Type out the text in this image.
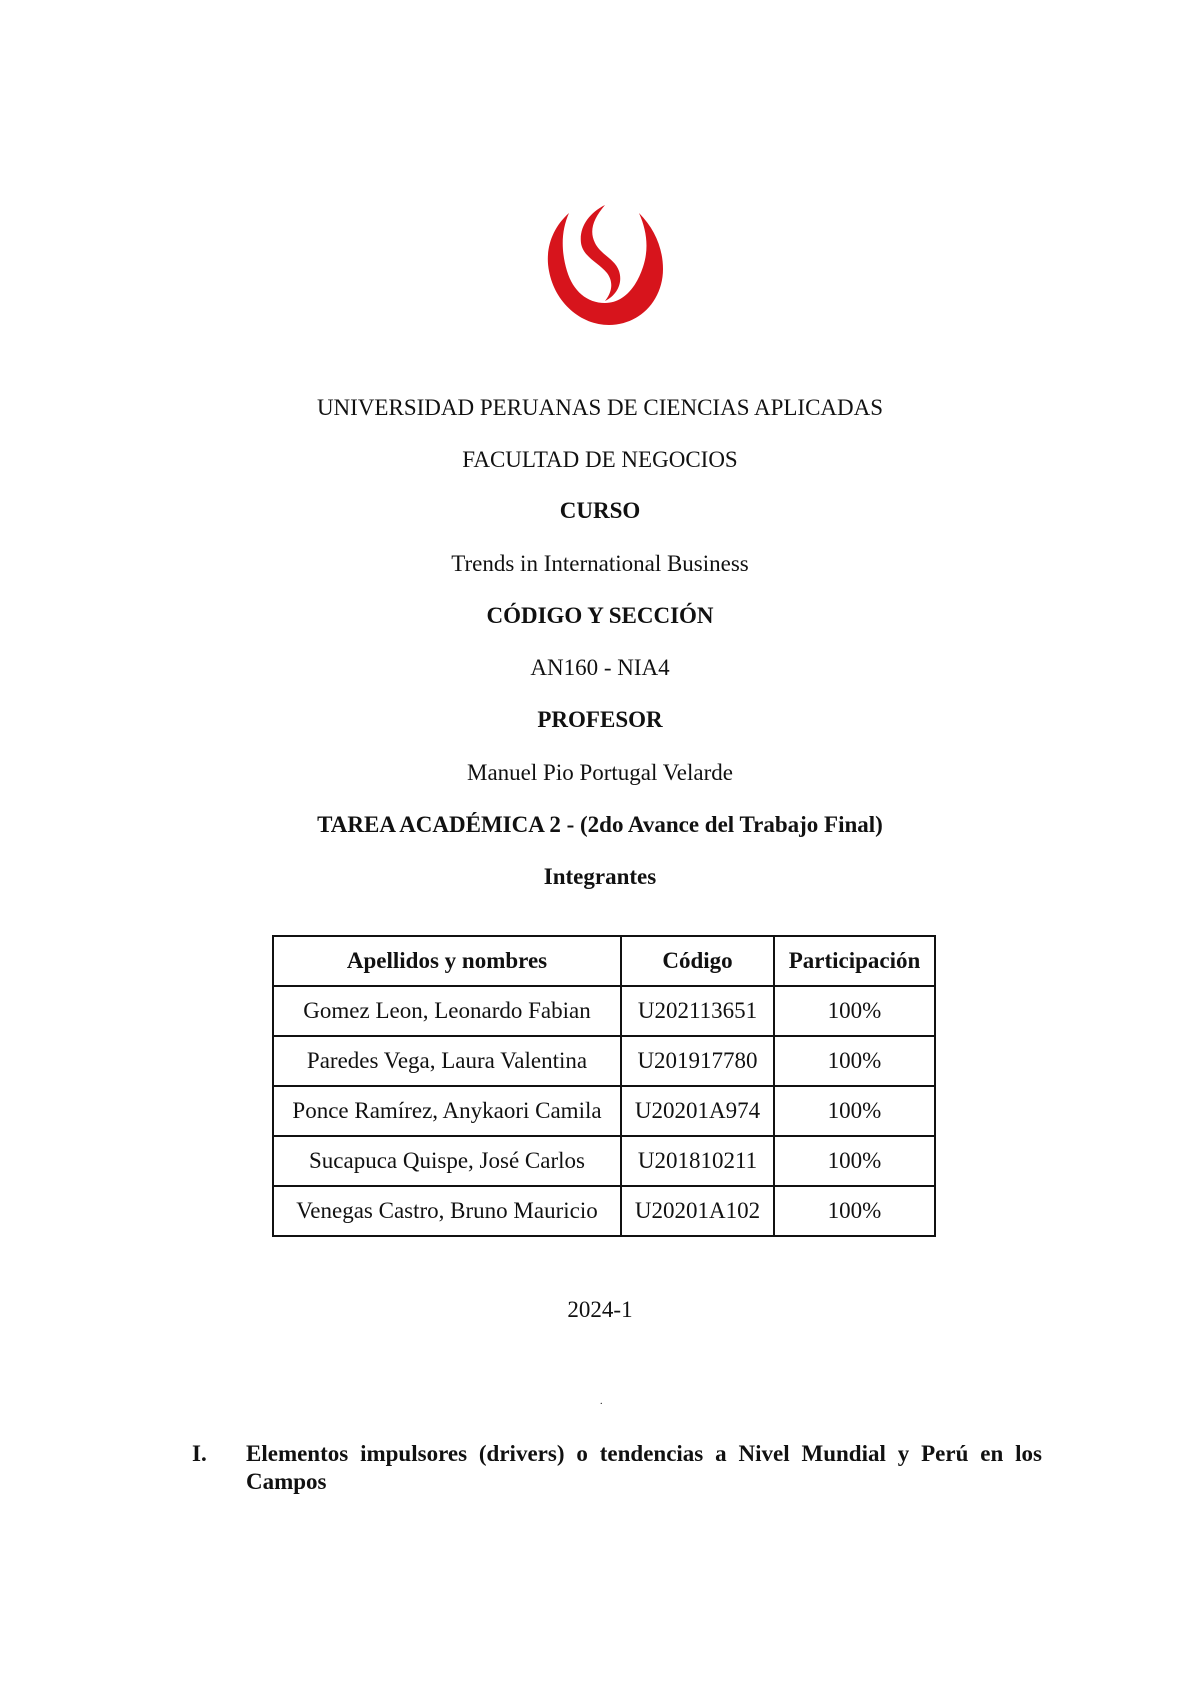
UNIVERSIDAD PERUANAS DE CIENCIAS APLICADAS
FACULTAD DE NEGOCIOS
CURSO
Trends in International Business
CÓDIGO Y SECCIÓN
AN160 - NIA4
PROFESOR
Manuel Pio Portugal Velarde
TAREA ACADÉMICA 2 - (2do Avance del Trabajo Final)
Integrantes
Apellidos y nombres	Código	Participación
Gomez Leon, Leonardo Fabian	U202113651	100%
Paredes Vega, Laura Valentina	U201917780	100%
Ponce Ramírez, Anykaori Camila	U20201A974	100%
Sucapuca Quispe, José Carlos	U201810211	100%
Venegas Castro, Bruno Mauricio	U20201A102	100%
2024-1
.
I. Elementos impulsores (drivers) o tendencias a Nivel Mundial y Perú en los Campos
